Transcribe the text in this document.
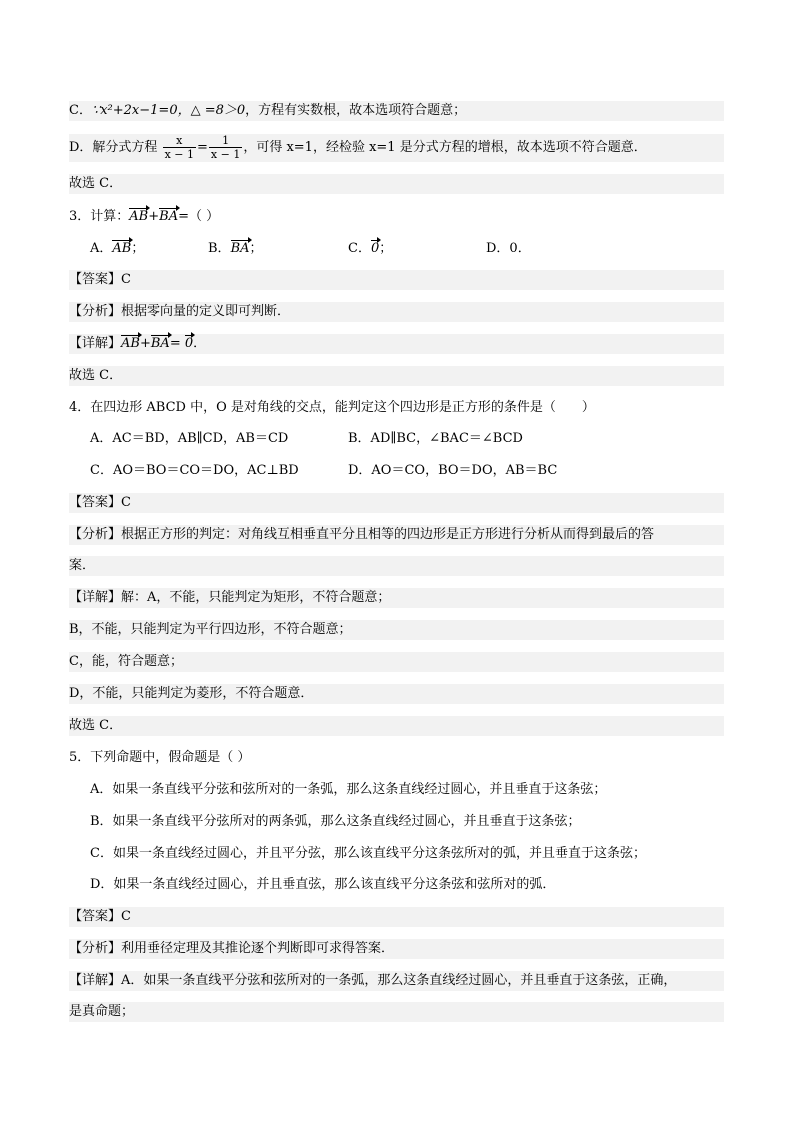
C．∵x²+2x−1=0，△ =8＞0，方程有实数根，故本选项符合题意；
D．解分式方程 $\frac{x}{x - 1} = \frac{1}{x - 1}$ ，可得 x=1，经检验 x=1 是分式方程的增根，故本选项不符合题意．
故选 C．
3．计算：AB+BA=（ ）
A．AB；	B．BA；	C．0；	D．0．
【答案】C
【分析】根据零向量的定义即可判断．
【详解】AB+BA= 0．
故选 C．
4．在四边形 ABCD 中，O 是对角线的交点，能判定这个四边形是正方形的条件是（　　）
A．AC＝BD，AB∥CD，AB＝CD	B．AD∥BC，∠BAC＝∠BCD
C．AO＝BO＝CO＝DO，AC⊥BD	D．AO＝CO，BO＝DO，AB＝BC
【答案】C
【分析】根据正方形的判定：对角线互相垂直平分且相等的四边形是正方形进行分析从而得到最后的答
案．
【详解】解：A，不能，只能判定为矩形，不符合题意；
B，不能，只能判定为平行四边形，不符合题意；
C，能，符合题意；
D，不能，只能判定为菱形，不符合题意．
故选 C．
5．下列命题中，假命题是（ ）
A．如果一条直线平分弦和弦所对的一条弧，那么这条直线经过圆心，并且垂直于这条弦；
B．如果一条直线平分弦所对的两条弧，那么这条直线经过圆心，并且垂直于这条弦；
C．如果一条直线经过圆心，并且平分弦，那么该直线平分这条弦所对的弧，并且垂直于这条弦；
D．如果一条直线经过圆心，并且垂直弦，那么该直线平分这条弦和弦所对的弧．
【答案】C
【分析】利用垂径定理及其推论逐个判断即可求得答案．
【详解】A．如果一条直线平分弦和弦所对的一条弧，那么这条直线经过圆心，并且垂直于这条弦，正确，
是真命题；
